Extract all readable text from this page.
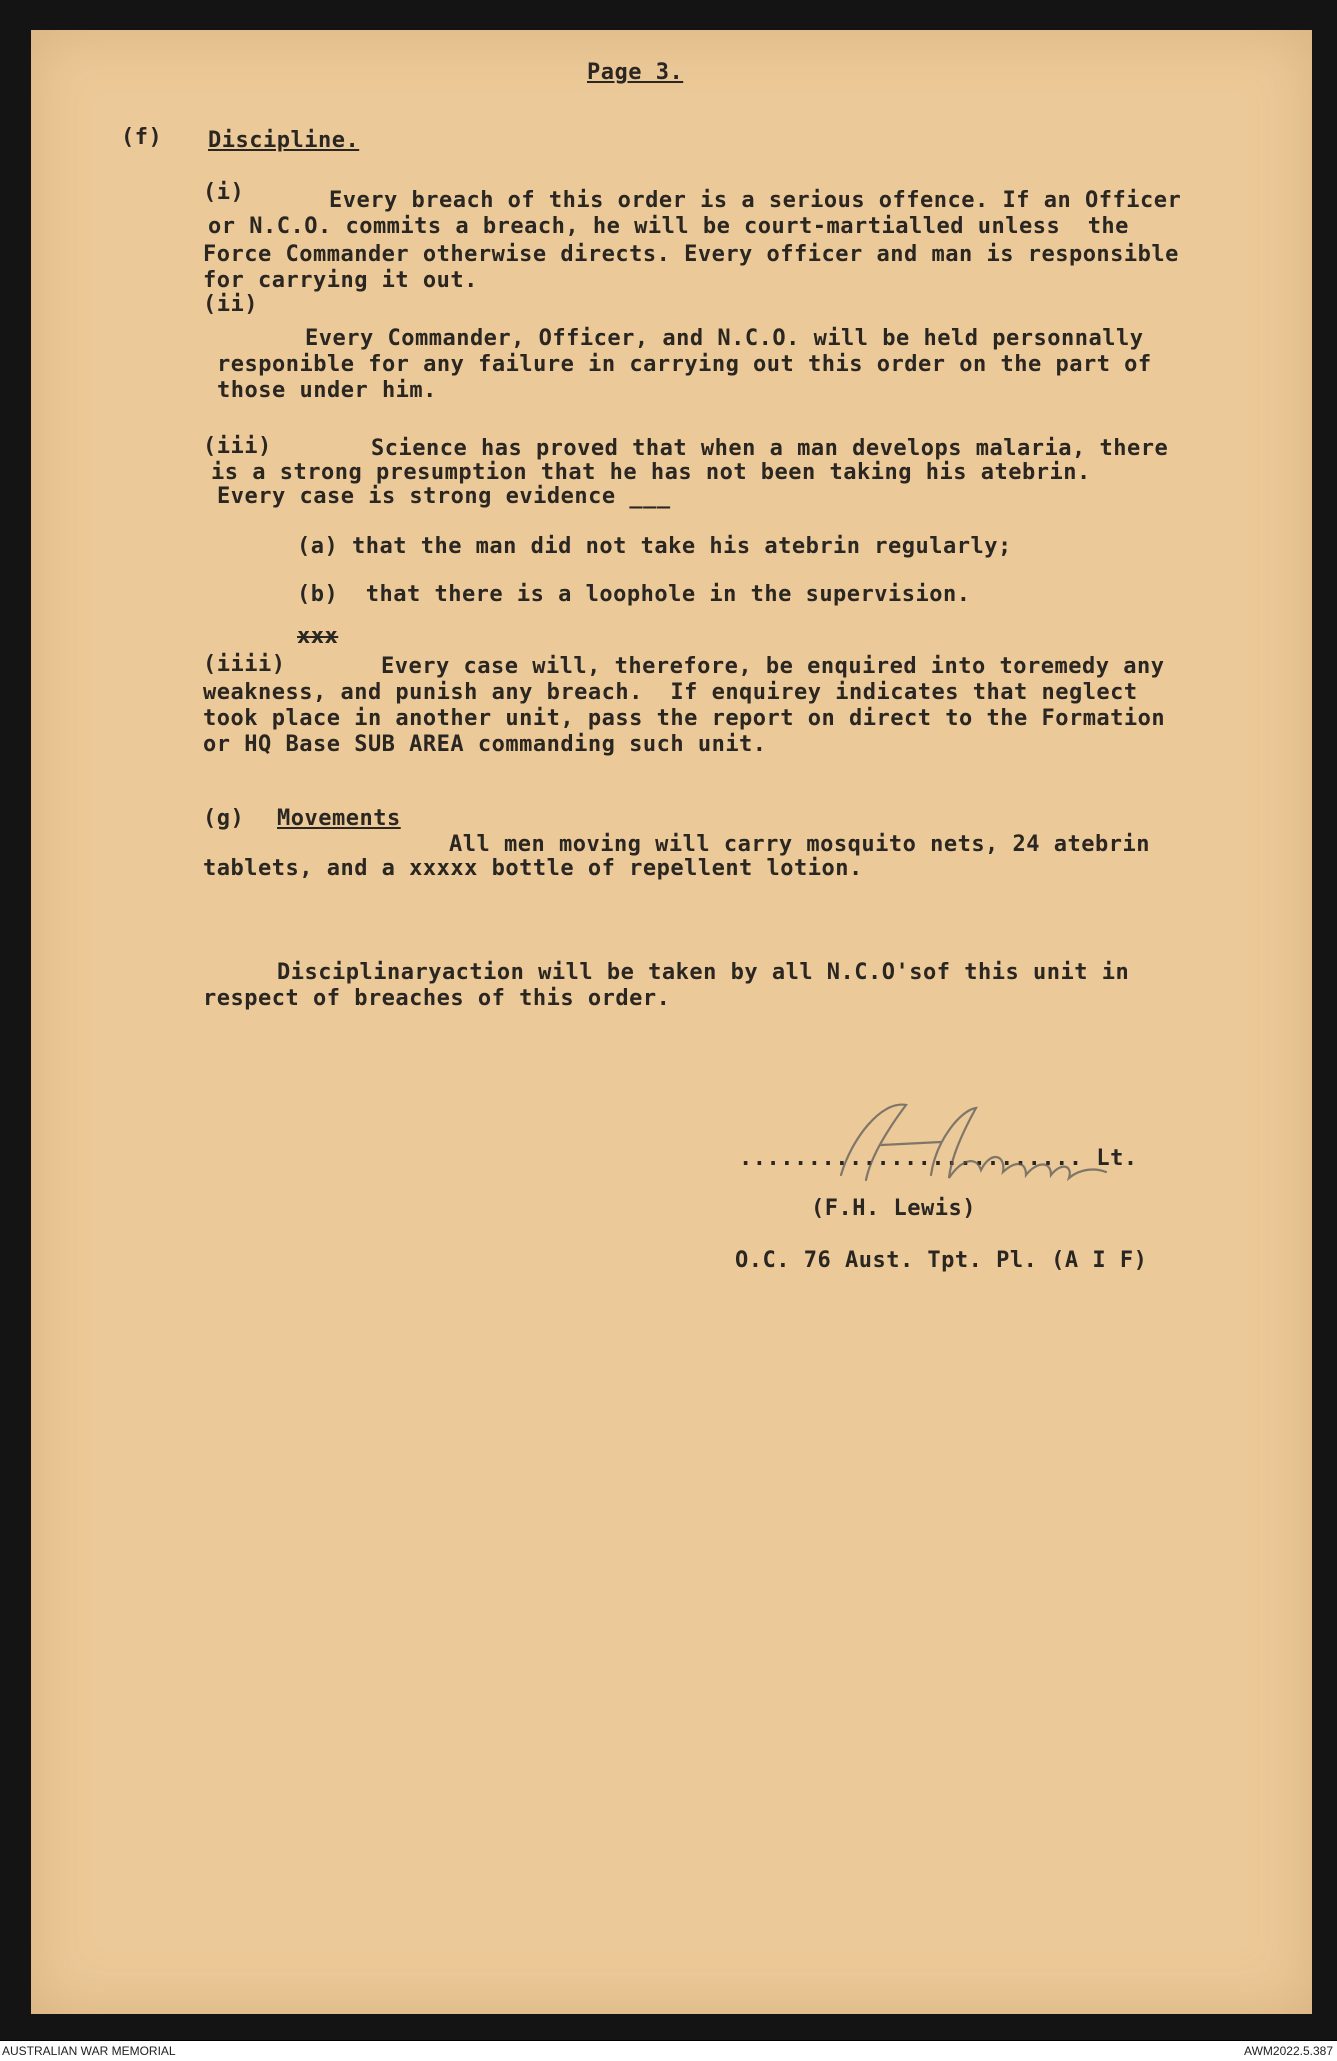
Page 3.
(f) Discipline.
(i)	Every breach of this order is a serious offence. If an Officer
or N.C.O. commits a breach, he will be court-martialled unless  the
Force Commander otherwise directs. Every officer and man is responsible
for carrying it out.
(ii)
Every Commander, Officer, and N.C.O. will be held personnally
responible for any failure in carrying out this order on the part of
those under him.
(iii)	Science has proved that when a man develops malaria, there
is a strong presumption that he has not been taking his atebrin.
Every case is strong evidence ___
(a) that the man did not take his atebrin regularly;
(b)  that there is a loophole in the supervision.
xxx
(iiii)	Every case will, therefore, be enquired into toremedy any
weakness, and punish any breach.  If enquirey indicates that neglect
took place in another unit, pass the report on direct to the Formation
or HQ Base SUB AREA commanding such unit.
(g) Movements
All men moving will carry mosquito nets, 24 atebrin
tablets, and a xxxxx bottle of repellent lotion.
Disciplinaryaction will be taken by all N.C.O'sof this unit in
respect of breaches of this order.
......................... Lt.
(F.H. Lewis)
O.C. 76 Aust. Tpt. Pl. (A I F)
AUSTRALIAN WAR MEMORIAL	AWM2022.5.387
